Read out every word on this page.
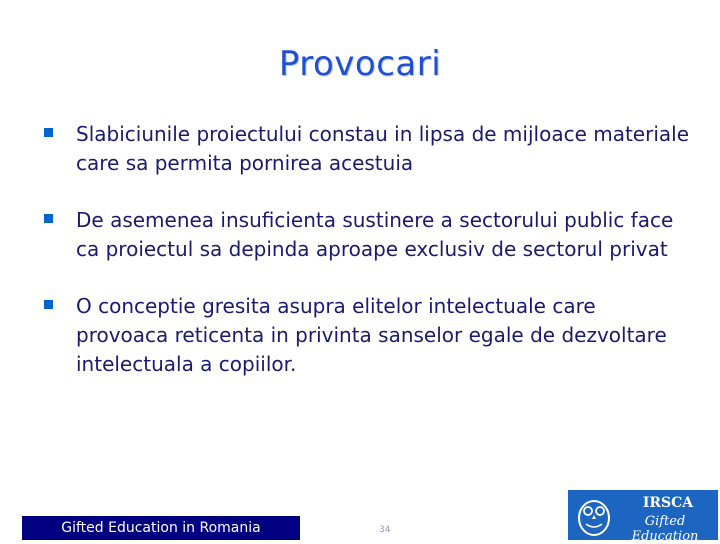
Provocari
Slabiciunile proiectului constau in lipsa de mijloace materiale care sa permita pornirea acestuia
De asemenea insuficienta sustinere a sectorului public face ca proiectul sa depinda aproape exclusiv de sectorul privat
O conceptie gresita asupra elitelor intelectuale care provoaca reticenta in privinta sanselor egale de dezvoltare intelectuala a copiilor.
Gifted Education in Romania	34
IRSCA
Gifted Education
